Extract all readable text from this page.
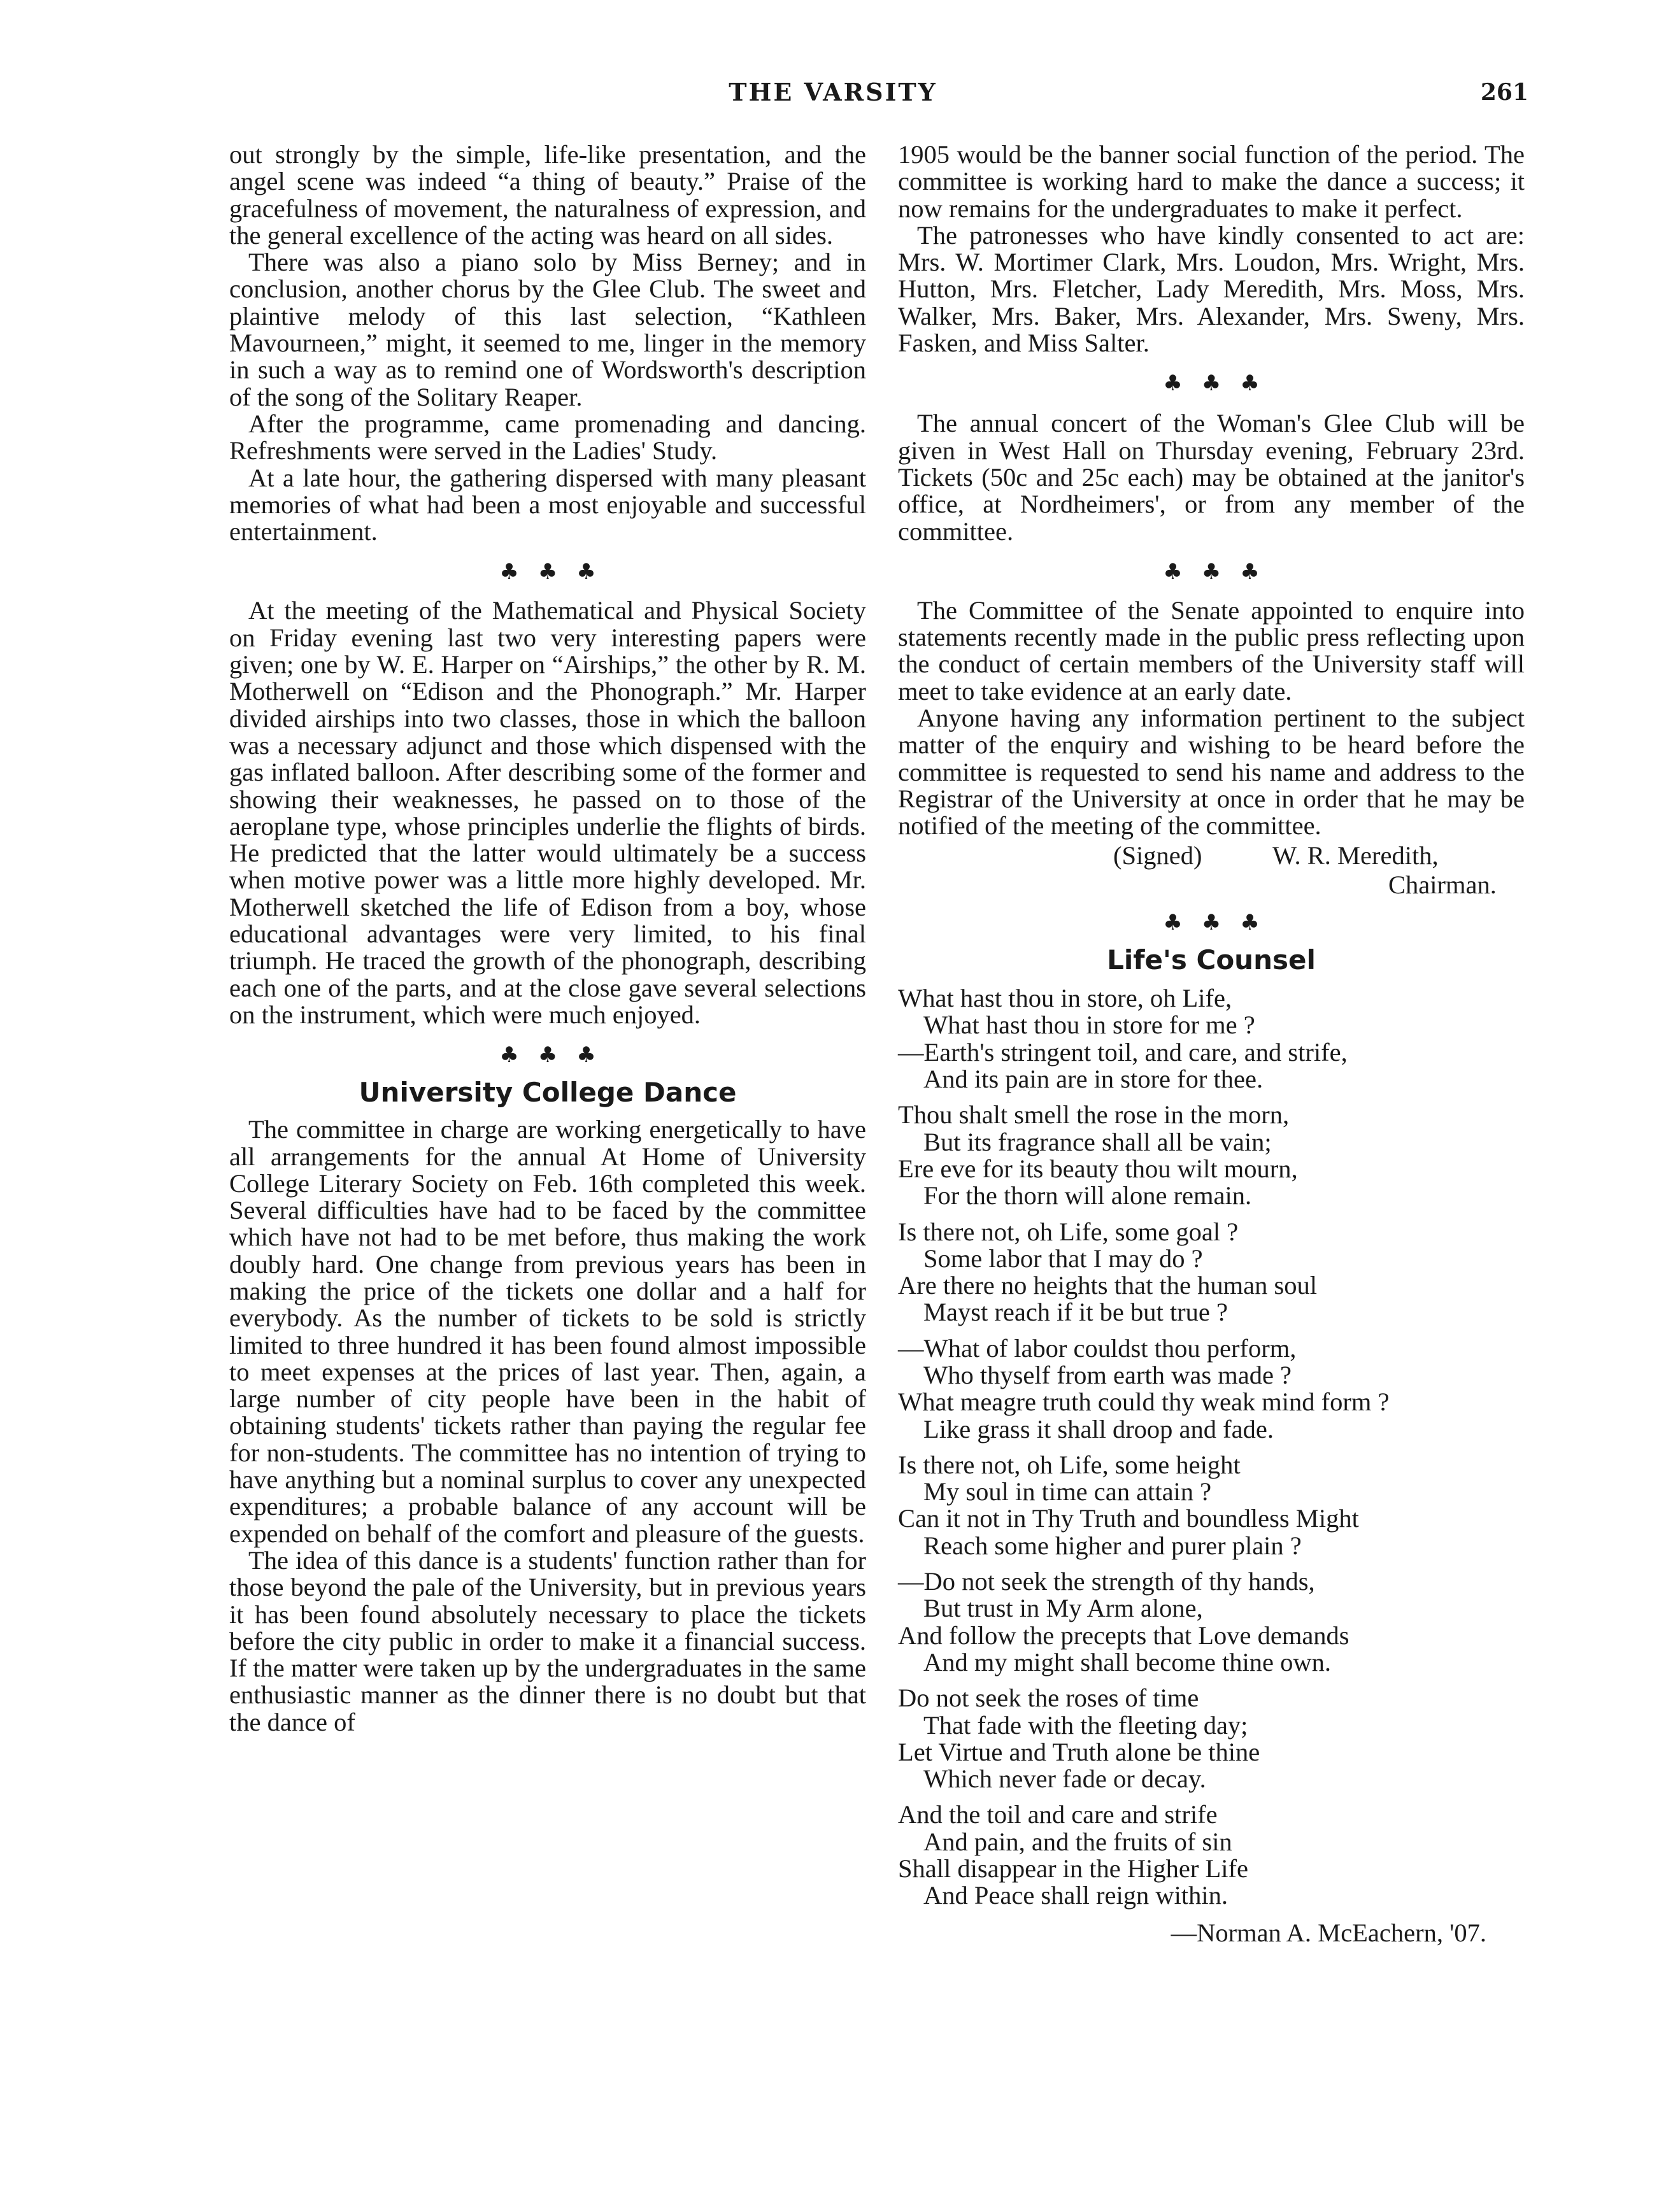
THE VARSITY	261

out strongly by the simple, life-like presentation, and the angel scene was indeed “a thing of beauty.” Praise of the gracefulness of movement, the naturalness of expression, and the general excellence of the acting was heard on all sides.

There was also a piano solo by Miss Berney; and in conclusion, another chorus by the Glee Club. The sweet and plaintive melody of this last selection, “Kathleen Mavourneen,” might, it seemed to me, linger in the memory in such a way as to remind one of Wordsworth's description of the song of the Solitary Reaper.

After the programme, came promenading and dancing. Refreshments were served in the Ladies' Study.

At a late hour, the gathering dispersed with many pleasant memories of what had been a most enjoyable and successful entertainment.

♣♣♣

At the meeting of the Mathematical and Physical Society on Friday evening last two very interesting papers were given; one by W. E. Harper on “Airships,” the other by R. M. Motherwell on “Edison and the Phonograph.” Mr. Harper divided airships into two classes, those in which the balloon was a necessary adjunct and those which dispensed with the gas inflated balloon. After describing some of the former and showing their weaknesses, he passed on to those of the aeroplane type, whose principles underlie the flights of birds. He predicted that the latter would ultimately be a success when motive power was a little more highly developed. Mr. Motherwell sketched the life of Edison from a boy, whose educational advantages were very limited, to his final triumph. He traced the growth of the phonograph, describing each one of the parts, and at the close gave several selections on the instrument, which were much enjoyed.

♣♣♣
University College Dance

The committee in charge are working energetically to have all arrangements for the annual At Home of University College Literary Society on Feb. 16th completed this week. Several difficulties have had to be faced by the committee which have not had to be met before, thus making the work doubly hard. One change from previous years has been in making the price of the tickets one dollar and a half for everybody. As the number of tickets to be sold is strictly limited to three hundred it has been found almost impossible to meet expenses at the prices of last year. Then, again, a large number of city people have been in the habit of obtaining students' tickets rather than paying the regular fee for non-students. The committee has no intention of trying to have anything but a nominal surplus to cover any unexpected expenditures; a probable balance of any account will be expended on behalf of the comfort and pleasure of the guests.

The idea of this dance is a students' function rather than for those beyond the pale of the University, but in previous years it has been found absolutely necessary to place the tickets before the city public in order to make it a financial success. If the matter were taken up by the undergraduates in the same enthusiastic manner as the dinner there is no doubt but that the dance of

1905 would be the banner social function of the period. The committee is working hard to make the dance a success; it now remains for the undergraduates to make it perfect.

The patronesses who have kindly consented to act are: Mrs. W. Mortimer Clark, Mrs. Loudon, Mrs. Wright, Mrs. Hutton, Mrs. Fletcher, Lady Meredith, Mrs. Moss, Mrs. Walker, Mrs. Baker, Mrs. Alexander, Mrs. Sweny, Mrs. Fasken, and Miss Salter.

♣♣♣

The annual concert of the Woman's Glee Club will be given in West Hall on Thursday evening, February 23rd. Tickets (50c and 25c each) may be obtained at the janitor's office, at Nordheimers', or from any member of the committee.

♣♣♣

The Committee of the Senate appointed to enquire into statements recently made in the public press reflecting upon the conduct of certain members of the University staff will meet to take evidence at an early date.

Anyone having any information pertinent to the subject matter of the enquiry and wishing to be heard before the committee is requested to send his name and address to the Registrar of the University at once in order that he may be notified of the meeting of the committee.

(Signed)	W. R. Meredith,
Chairman.
♣♣♣
Life's Counsel
What hast thou in store, oh Life,
What hast thou in store for me ?
—Earth's stringent toil, and care, and strife,
And its pain are in store for thee.
Thou shalt smell the rose in the morn,
But its fragrance shall all be vain;
Ere eve for its beauty thou wilt mourn,
For the thorn will alone remain.
Is there not, oh Life, some goal ?
Some labor that I may do ?
Are there no heights that the human soul
Mayst reach if it be but true ?
—What of labor couldst thou perform,
Who thyself from earth was made ?
What meagre truth could thy weak mind form ?
Like grass it shall droop and fade.
Is there not, oh Life, some height
My soul in time can attain ?
Can it not in Thy Truth and boundless Might
Reach some higher and purer plain ?
—Do not seek the strength of thy hands,
But trust in My Arm alone,
And follow the precepts that Love demands
And my might shall become thine own.
Do not seek the roses of time
That fade with the fleeting day;
Let Virtue and Truth alone be thine
Which never fade or decay.
And the toil and care and strife
And pain, and the fruits of sin
Shall disappear in the Higher Life
And Peace shall reign within.
—Norman A. McEachern, '07.
